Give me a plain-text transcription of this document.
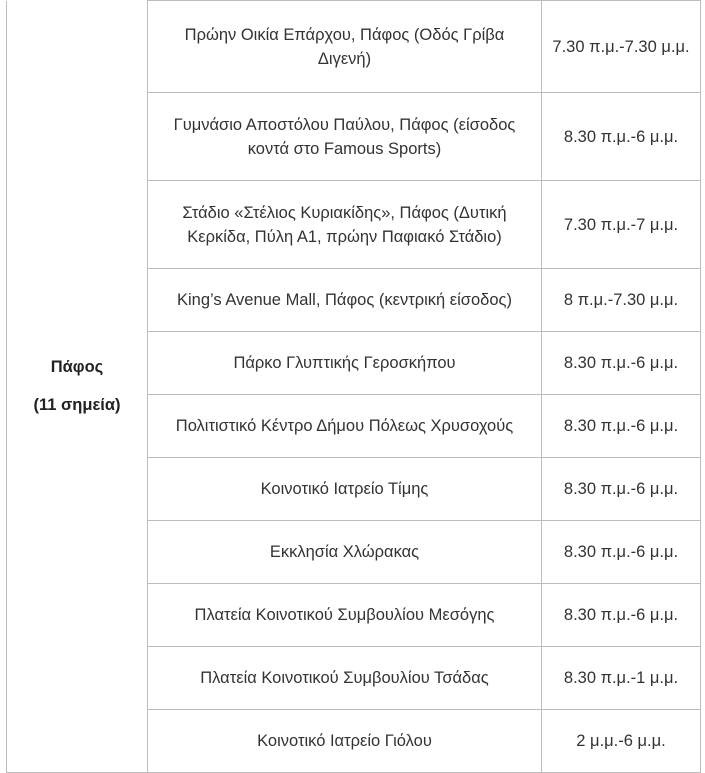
Πάφος
(11 σημεία)	Πρώην Οικία Επάρχου, Πάφος (Οδός Γρίβα Διγενή)	7.30 π.μ.-7.30 μ.μ.
	Γυμνάσιο Αποστόλου Παύλου, Πάφος (είσοδος κοντά στο Famous Sports)	8.30 π.μ.-6 μ.μ.
	Στάδιο «Στέλιος Κυριακίδης», Πάφος (Δυτική Κερκίδα, Πύλη Α1, πρώην Παφιακό Στάδιο)	7.30 π.μ.-7 μ.μ.
	King’s Avenue Mall, Πάφος (κεντρική είσοδος)	8 π.μ.-7.30 μ.μ.
	Πάρκο Γλυπτικής Γεροσκήπου	8.30 π.μ.-6 μ.μ.
	Πολιτιστικό Κέντρο Δήμου Πόλεως Χρυσοχούς	8.30 π.μ.-6 μ.μ.
	Κοινοτικό Ιατρείο Τίμης	8.30 π.μ.-6 μ.μ.
	Εκκλησία Χλώρακας	8.30 π.μ.-6 μ.μ.
	Πλατεία Κοινοτικού Συμβουλίου Μεσόγης	8.30 π.μ.-6 μ.μ.
	Πλατεία Κοινοτικού Συμβουλίου Τσάδας	8.30 π.μ.-1 μ.μ.
	Κοινοτικό Ιατρείο Γιόλου	2 μ.μ.-6 μ.μ.
